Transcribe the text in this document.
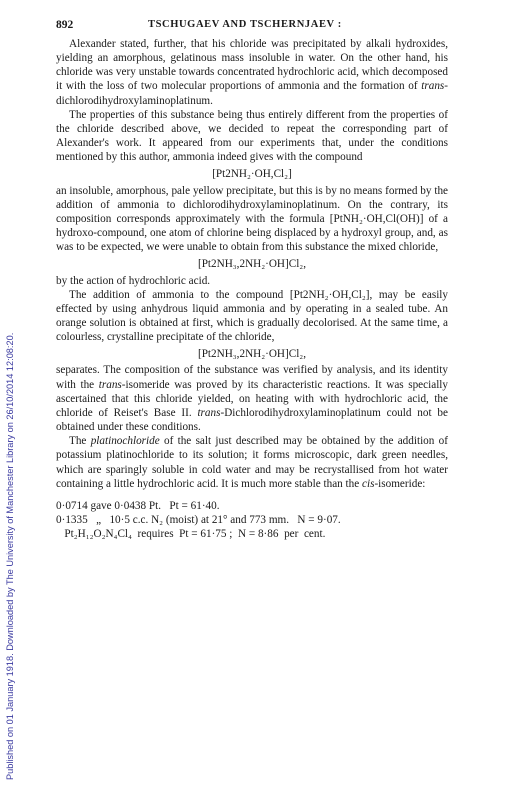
Published on 01 January 1918. Downloaded by The University of Manchester Library on 26/10/2014 12:08:20.
892	TSCHUGAEV AND TSCHERNJAEV :

Alexander stated, further, that his chloride was precipitated by alkali hydroxides, yielding an amorphous, gelatinous mass insoluble in water. On the other hand, his chloride was very unstable towards concentrated hydrochloric acid, which decomposed it with the loss of two molecular proportions of ammonia and the formation of trans-dichlorodihydroxylaminoplatinum.

The properties of this substance being thus entirely different from the properties of the chloride described above, we decided to repeat the corresponding part of Alexander's work. It appeared from our experiments that, under the conditions mentioned by this author, ammonia indeed gives with the compound

[Pt2NH₂·OH,Cl₂]

an insoluble, amorphous, pale yellow precipitate, but this is by no means formed by the addition of ammonia to dichlorodihydroxylaminoplatinum. On the contrary, its composition corresponds approximately with the formula [PtNH₂·OH,Cl(OH)] of a hydroxo-compound, one atom of chlorine being displaced by a hydroxyl group, and, as was to be expected, we were unable to obtain from this substance the mixed chloride,

[Pt2NH₃,2NH₂·OH]Cl₂,

by the action of hydrochloric acid.

The addition of ammonia to the compound [Pt2NH₂·OH,Cl₂], may be easily effected by using anhydrous liquid ammonia and by operating in a sealed tube. An orange solution is obtained at first, which is gradually decolorised. At the same time, a colourless, crystalline precipitate of the chloride,

[Pt2NH₃,2NH₂·OH]Cl₂,

separates. The composition of the substance was verified by analysis, and its identity with the trans-isomeride was proved by its characteristic reactions. It was specially ascertained that this chloride yielded, on heating with with hydrochloric acid, the chloride of Reiset's Base II. trans-Dichlorodihydroxylaminoplatinum could not be obtained under these conditions.

The platinochloride of the salt just described may be obtained by the addition of potassium platinochloride to its solution; it forms microscopic, dark green needles, which are sparingly soluble in cold water and may be recrystallised from hot water containing a little hydrochloric acid. It is much more stable than the cis-isomeride:

0·0714 gave 0·0438 Pt.   Pt = 61·40.

0·1335   „   10·5 c.c. N₂ (moist) at 21° and 773 mm.   N = 9·07.

Pt₂H₁₂O₂N₄Cl₄  requires  Pt = 61·75 ;  N = 8·86  per  cent.
